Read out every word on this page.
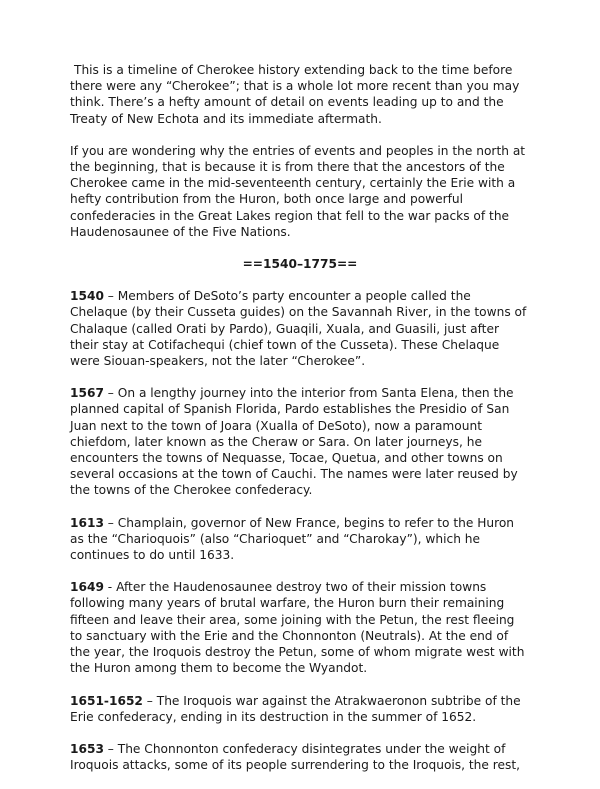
This is a timeline of Cherokee history extending back to the time before there were any “Cherokee”; that is a whole lot more recent than you may think. There’s a hefty amount of detail on events leading up to and the Treaty of New Echota and its immediate aftermath.

If you are wondering why the entries of events and peoples in the north at the beginning, that is because it is from there that the ancestors of the Cherokee came in the mid-seventeenth century, certainly the Erie with a hefty contribution from the Huron, both once large and powerful confederacies in the Great Lakes region that fell to the war packs of the Haudenosaunee of the Five Nations.

==1540–1775==

1540 – Members of DeSoto’s party encounter a people called the Chelaque (by their Cusseta guides) on the Savannah River, in the towns of Chalaque (called Orati by Pardo), Guaqili, Xuala, and Guasili, just after their stay at Cotifachequi (chief town of the Cusseta). These Chelaque were Siouan-speakers, not the later “Cherokee”.

1567 – On a lengthy journey into the interior from Santa Elena, then the planned capital of Spanish Florida, Pardo establishes the Presidio of San Juan next to the town of Joara (Xualla of DeSoto), now a paramount chiefdom, later known as the Cheraw or Sara. On later journeys, he encounters the towns of Nequasse, Tocae, Quetua, and other towns on several occasions at the town of Cauchi. The names were later reused by the towns of the Cherokee confederacy.

1613 – Champlain, governor of New France, begins to refer to the Huron as the “Charioquois” (also “Charioquet” and “Charokay”), which he continues to do until 1633.

1649 - After the Haudenosaunee destroy two of their mission towns following many years of brutal warfare, the Huron burn their remaining fifteen and leave their area, some joining with the Petun, the rest fleeing to sanctuary with the Erie and the Chonnonton (Neutrals). At the end of the year, the Iroquois destroy the Petun, some of whom migrate west with the Huron among them to become the Wyandot.

1651-1652 – The Iroquois war against the Atrakwaeronon subtribe of the Erie confederacy, ending in its destruction in the summer of 1652.

1653 – The Chonnonton confederacy disintegrates under the weight of Iroquois attacks, some of its people surrendering to the Iroquois, the rest,
